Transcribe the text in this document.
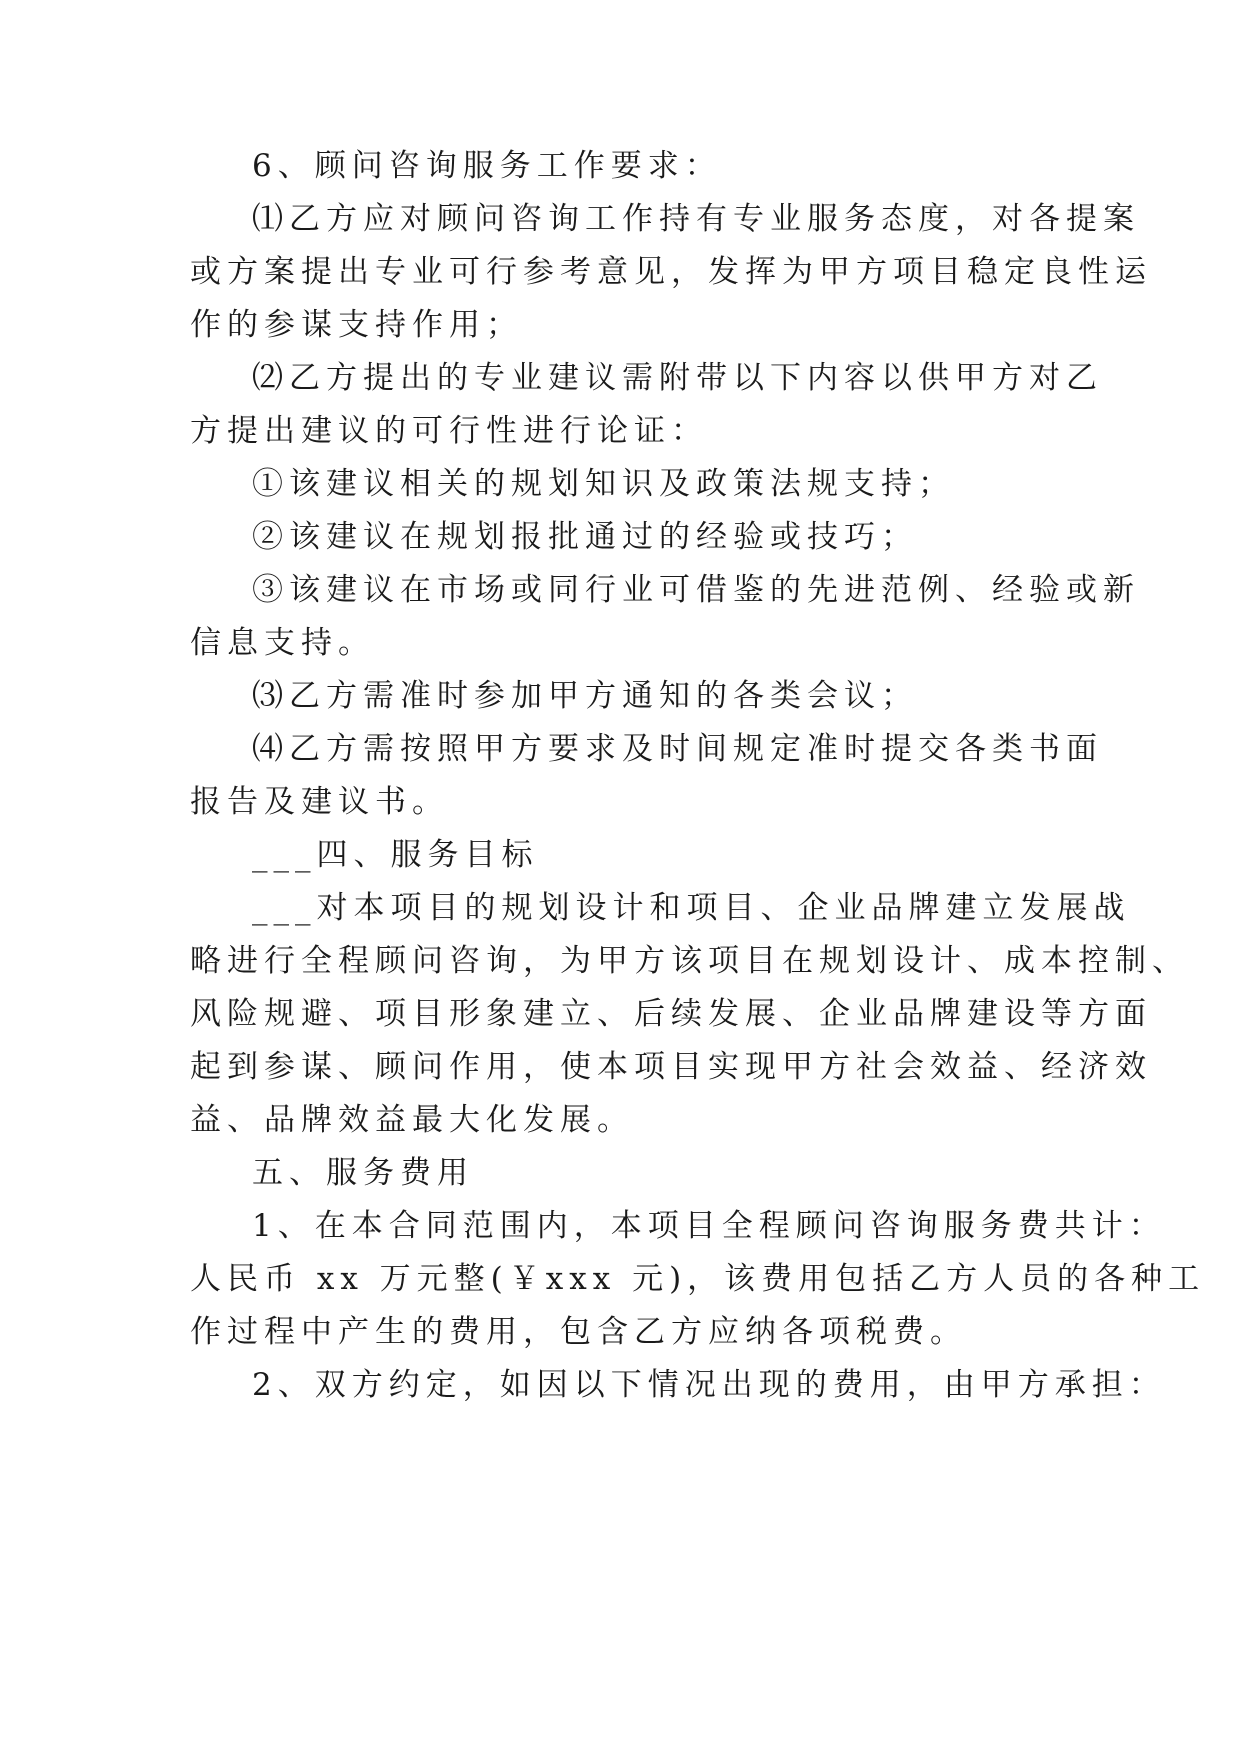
6、顾问咨询服务工作要求：
⑴乙方应对顾问咨询工作持有专业服务态度，对各提案
或方案提出专业可行参考意见，发挥为甲方项目稳定良性运
作的参谋支持作用；
⑵乙方提出的专业建议需附带以下内容以供甲方对乙
方提出建议的可行性进行论证：
①该建议相关的规划知识及政策法规支持；
②该建议在规划报批通过的经验或技巧；
③该建议在市场或同行业可借鉴的先进范例、经验或新
信息支持。
⑶乙方需准时参加甲方通知的各类会议；
⑷乙方需按照甲方要求及时间规定准时提交各类书面
报告及建议书。
___四、服务目标
___对本项目的规划设计和项目、企业品牌建立发展战
略进行全程顾问咨询，为甲方该项目在规划设计、成本控制、
风险规避、项目形象建立、后续发展、企业品牌建设等方面
起到参谋、顾问作用，使本项目实现甲方社会效益、经济效
益、品牌效益最大化发展。
五、服务费用
1、在本合同范围内，本项目全程顾问咨询服务费共计：
人民币 xx 万元整(￥xxx 元)，该费用包括乙方人员的各种工
作过程中产生的费用，包含乙方应纳各项税费。
2、双方约定，如因以下情况出现的费用，由甲方承担：
